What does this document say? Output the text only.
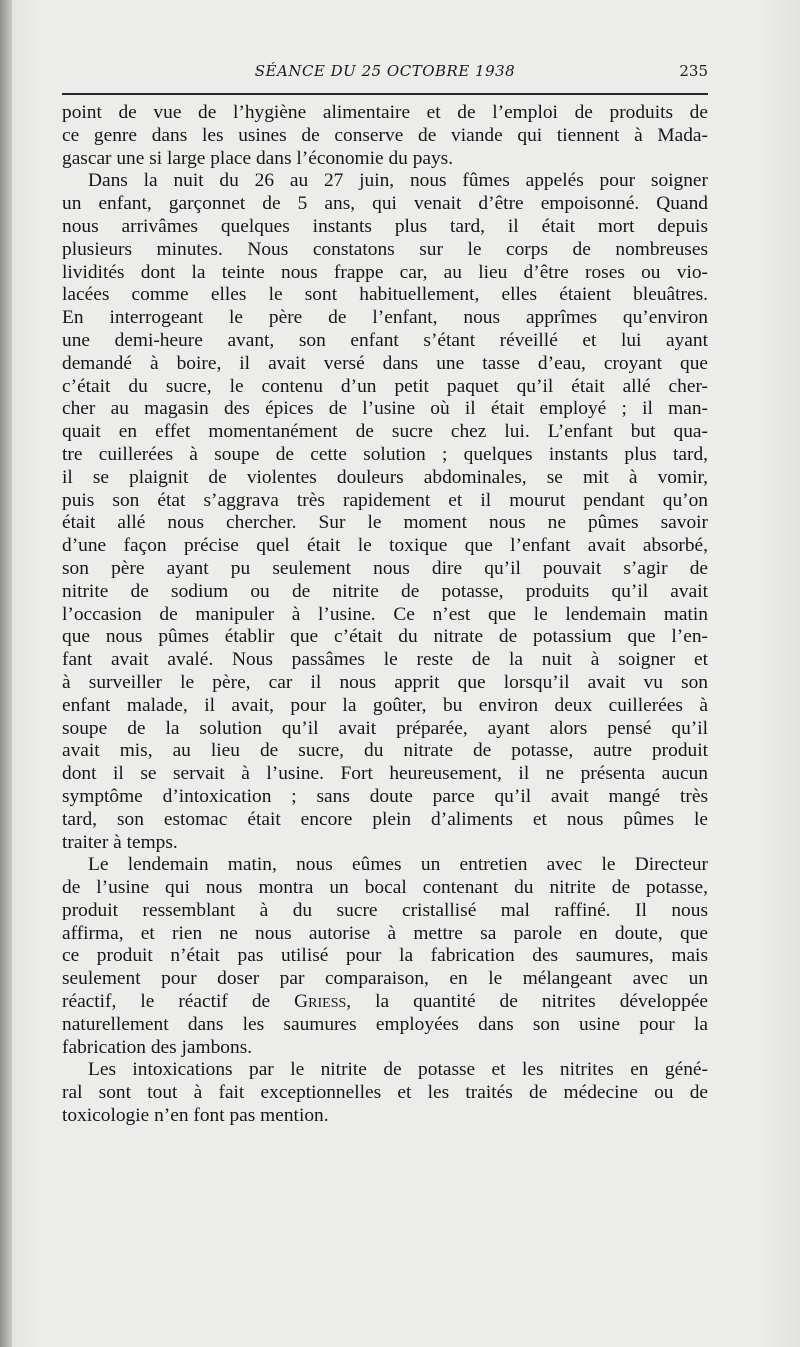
SÉANCE DU 25 OCTOBRE 1938	235
point de vue de l’hygiène alimentaire et de l’emploi de produits de
ce genre dans les usines de conserve de viande qui tiennent à Mada-
gascar une si large place dans l’économie du pays.
Dans la nuit du 26 au 27 juin, nous fûmes appelés pour soigner
un enfant, garçonnet de 5 ans, qui venait d’être empoisonné. Quand
nous arrivâmes quelques instants plus tard, il était mort depuis
plusieurs minutes. Nous constatons sur le corps de nombreuses
lividités dont la teinte nous frappe car, au lieu d’être roses ou vio-
lacées comme elles le sont habituellement, elles étaient bleuâtres.
En interrogeant le père de l’enfant, nous apprîmes qu’environ
une demi-heure avant, son enfant s’étant réveillé et lui ayant
demandé à boire, il avait versé dans une tasse d’eau, croyant que
c’était du sucre, le contenu d’un petit paquet qu’il était allé cher-
cher au magasin des épices de l’usine où il était employé ; il man-
quait en effet momentanément de sucre chez lui. L’enfant but qua-
tre cuillerées à soupe de cette solution ; quelques instants plus tard,
il se plaignit de violentes douleurs abdominales, se mit à vomir,
puis son état s’aggrava très rapidement et il mourut pendant qu’on
était allé nous chercher. Sur le moment nous ne pûmes savoir
d’une façon précise quel était le toxique que l’enfant avait absorbé,
son père ayant pu seulement nous dire qu’il pouvait s’agir de
nitrite de sodium ou de nitrite de potasse, produits qu’il avait
l’occasion de manipuler à l’usine. Ce n’est que le lendemain matin
que nous pûmes établir que c’était du nitrate de potassium que l’en-
fant avait avalé. Nous passâmes le reste de la nuit à soigner et
à surveiller le père, car il nous apprit que lorsqu’il avait vu son
enfant malade, il avait, pour la goûter, bu environ deux cuillerées à
soupe de la solution qu’il avait préparée, ayant alors pensé qu’il
avait mis, au lieu de sucre, du nitrate de potasse, autre produit
dont il se servait à l’usine. Fort heureusement, il ne présenta aucun
symptôme d’intoxication ; sans doute parce qu’il avait mangé très
tard, son estomac était encore plein d’aliments et nous pûmes le
traiter à temps.
Le lendemain matin, nous eûmes un entretien avec le Directeur
de l’usine qui nous montra un bocal contenant du nitrite de potasse,
produit ressemblant à du sucre cristallisé mal raffiné. Il nous
affirma, et rien ne nous autorise à mettre sa parole en doute, que
ce produit n’était pas utilisé pour la fabrication des saumures, mais
seulement pour doser par comparaison, en le mélangeant avec un
réactif, le réactif de Griess, la quantité de nitrites développée
naturellement dans les saumures employées dans son usine pour la
fabrication des jambons.
Les intoxications par le nitrite de potasse et les nitrites en géné-
ral sont tout à fait exceptionnelles et les traités de médecine ou de
toxicologie n’en font pas mention.
